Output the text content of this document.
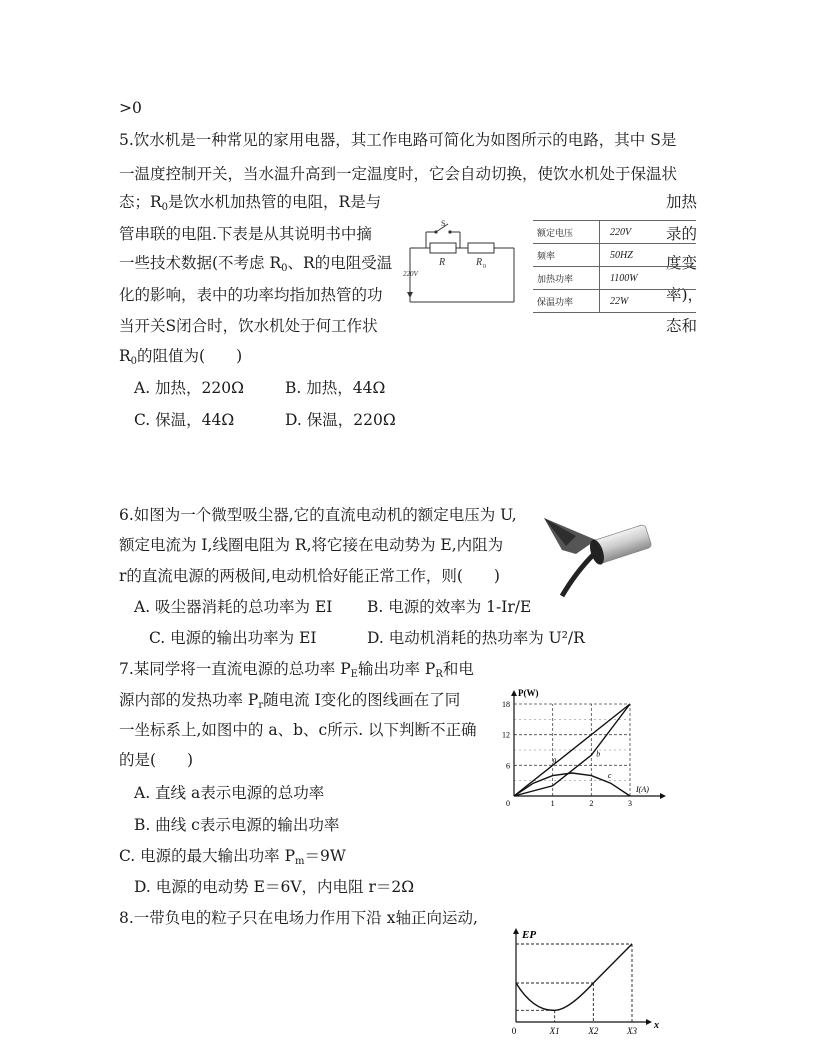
>0
5.饮水机是一种常见的家用电器，其工作电路可简化为如图所示的电路，其中 S是
一温度控制开关，当水温升高到一定温度时，它会自动切换，使饮水机处于保温状
态；$R_0$是饮水机加热管的电阻，R是与	加热
管串联的电阻.下表是从其说明书中摘	录的
一些技术数据(不考虑 $R_0$、R的电阻受温	度变
化的影响，表中的功率均指加热管的功	率)，
当开关S闭合时，饮水机处于何工作状	态和
$R_0$的阻值为(　　)
A. 加热，220Ω	B. 加热，44Ω
C. 保温，44Ω	D. 保温，220Ω
S
R	R 0
220V
额定电压	220V
频率	50HZ
加热功率	1100W
保温功率	22W
6.如图为一个微型吸尘器,它的直流电动机的额定电压为 U,
额定电流为 I,线圈电阻为 R,将它接在电动势为 E,内阻为
r的直流电源的两极间,电动机恰好能正常工作，则(　　)
A. 吸尘器消耗的总功率为 EI B. 电源的效率为 1-Ir/E
C. 电源的输出功率为 EI	D. 电动机消耗的热功率为 U²/R
7.某同学将一直流电源的总功率 $P_E$输出功率 $P_R$和电
源内部的发热功率 $P_r$随电流 I变化的图线画在了同
一坐标系上,如图中的 a、b、c所示. 以下判断不正确
的是(　　)
A. 直线 a表示电源的总功率
B. 曲线 c表示电源的输出功率
C. 电源的最大输出功率 $P_m=9W$
D. 电源的电动势 E＝6V，内电阻 r＝2Ω
8.一带负电的粒子只在电场力作用下沿 x轴正向运动,
a
b
c
6
12
18
0	1	2	3
P(W)
I(A)
0	X1	X2	X3
EP
x
